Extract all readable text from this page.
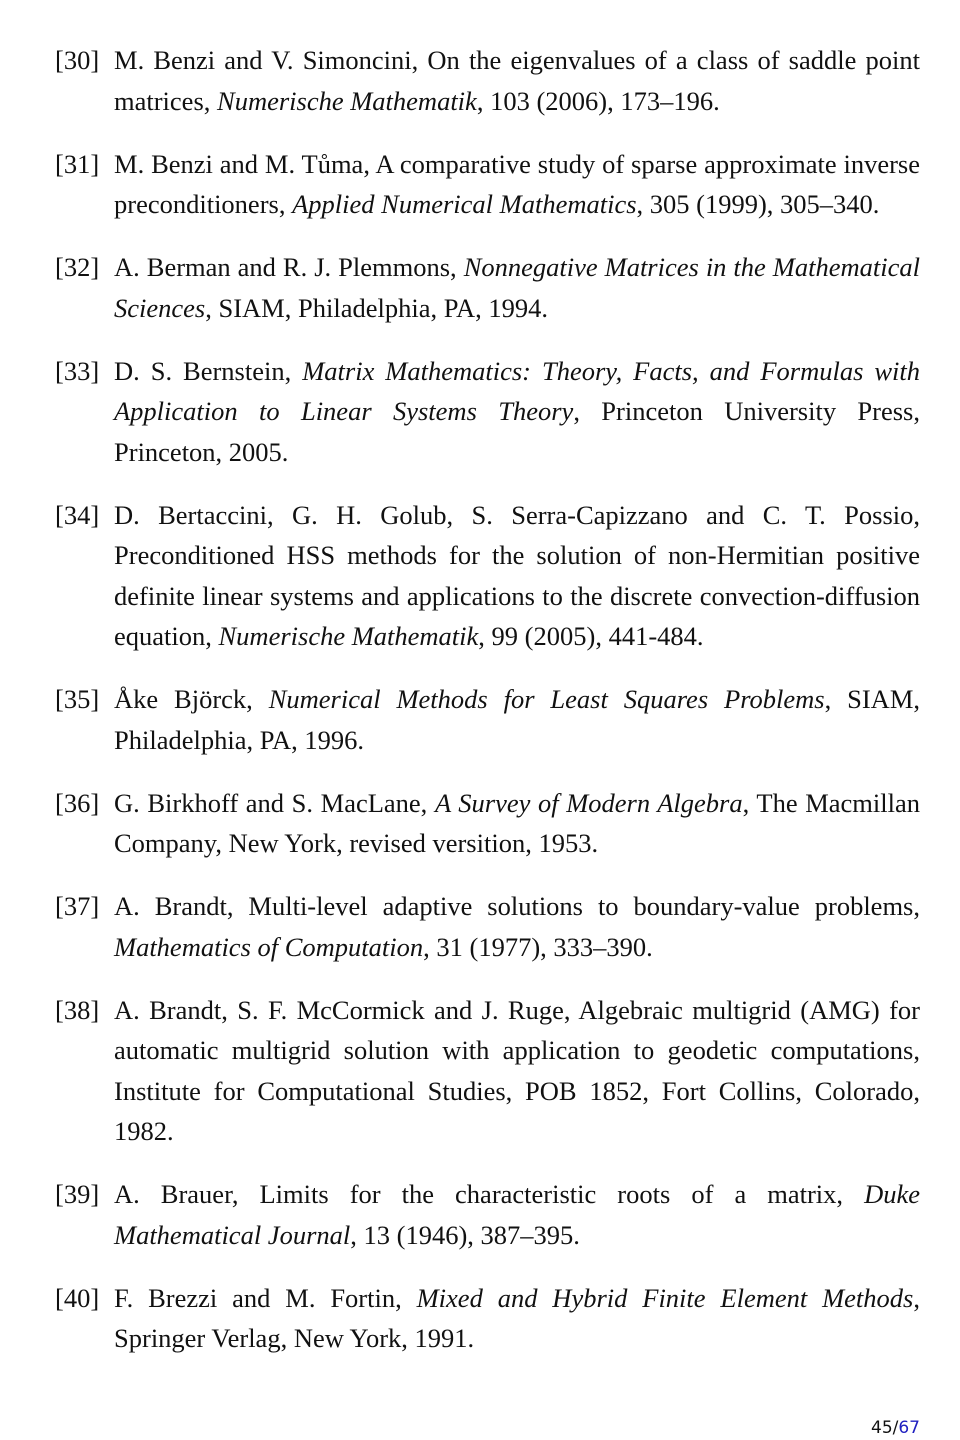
[30] M. Benzi and V. Simoncini, On the eigenvalues of a class of saddle point matrices, Numerische Mathematik, 103 (2006), 173–196.
[31] M. Benzi and M. Tůma, A comparative study of sparse approximate inverse preconditioners, Applied Numerical Mathematics, 305 (1999), 305–340.
[32] A. Berman and R. J. Plemmons, Nonnegative Matrices in the Mathematical Sciences, SIAM, Philadelphia, PA, 1994.
[33] D. S. Bernstein, Matrix Mathematics: Theory, Facts, and Formulas with Application to Linear Systems Theory, Princeton University Press, Princeton, 2005.
[34] D. Bertaccini, G. H. Golub, S. Serra-Capizzano and C. T. Possio, Preconditioned HSS methods for the solution of non-Hermitian positive definite linear systems and applications to the discrete convection-diffusion equation, Numerische Mathematik, 99 (2005), 441-484.
[35] Åke Björck, Numerical Methods for Least Squares Problems, SIAM, Philadelphia, PA, 1996.
[36] G. Birkhoff and S. MacLane, A Survey of Modern Algebra, The Macmillan Company, New York, revised versition, 1953.
[37] A. Brandt, Multi-level adaptive solutions to boundary-value problems, Mathematics of Computation, 31 (1977), 333–390.
[38] A. Brandt, S. F. McCormick and J. Ruge, Algebraic multigrid (AMG) for automatic multigrid solution with application to geodetic computations, Institute for Computational Studies, POB 1852, Fort Collins, Colorado, 1982.
[39] A. Brauer, Limits for the characteristic roots of a matrix, Duke Mathematical Journal, 13 (1946), 387–395.
[40] F. Brezzi and M. Fortin, Mixed and Hybrid Finite Element Methods, Springer Verlag, New York, 1991.
45/67
